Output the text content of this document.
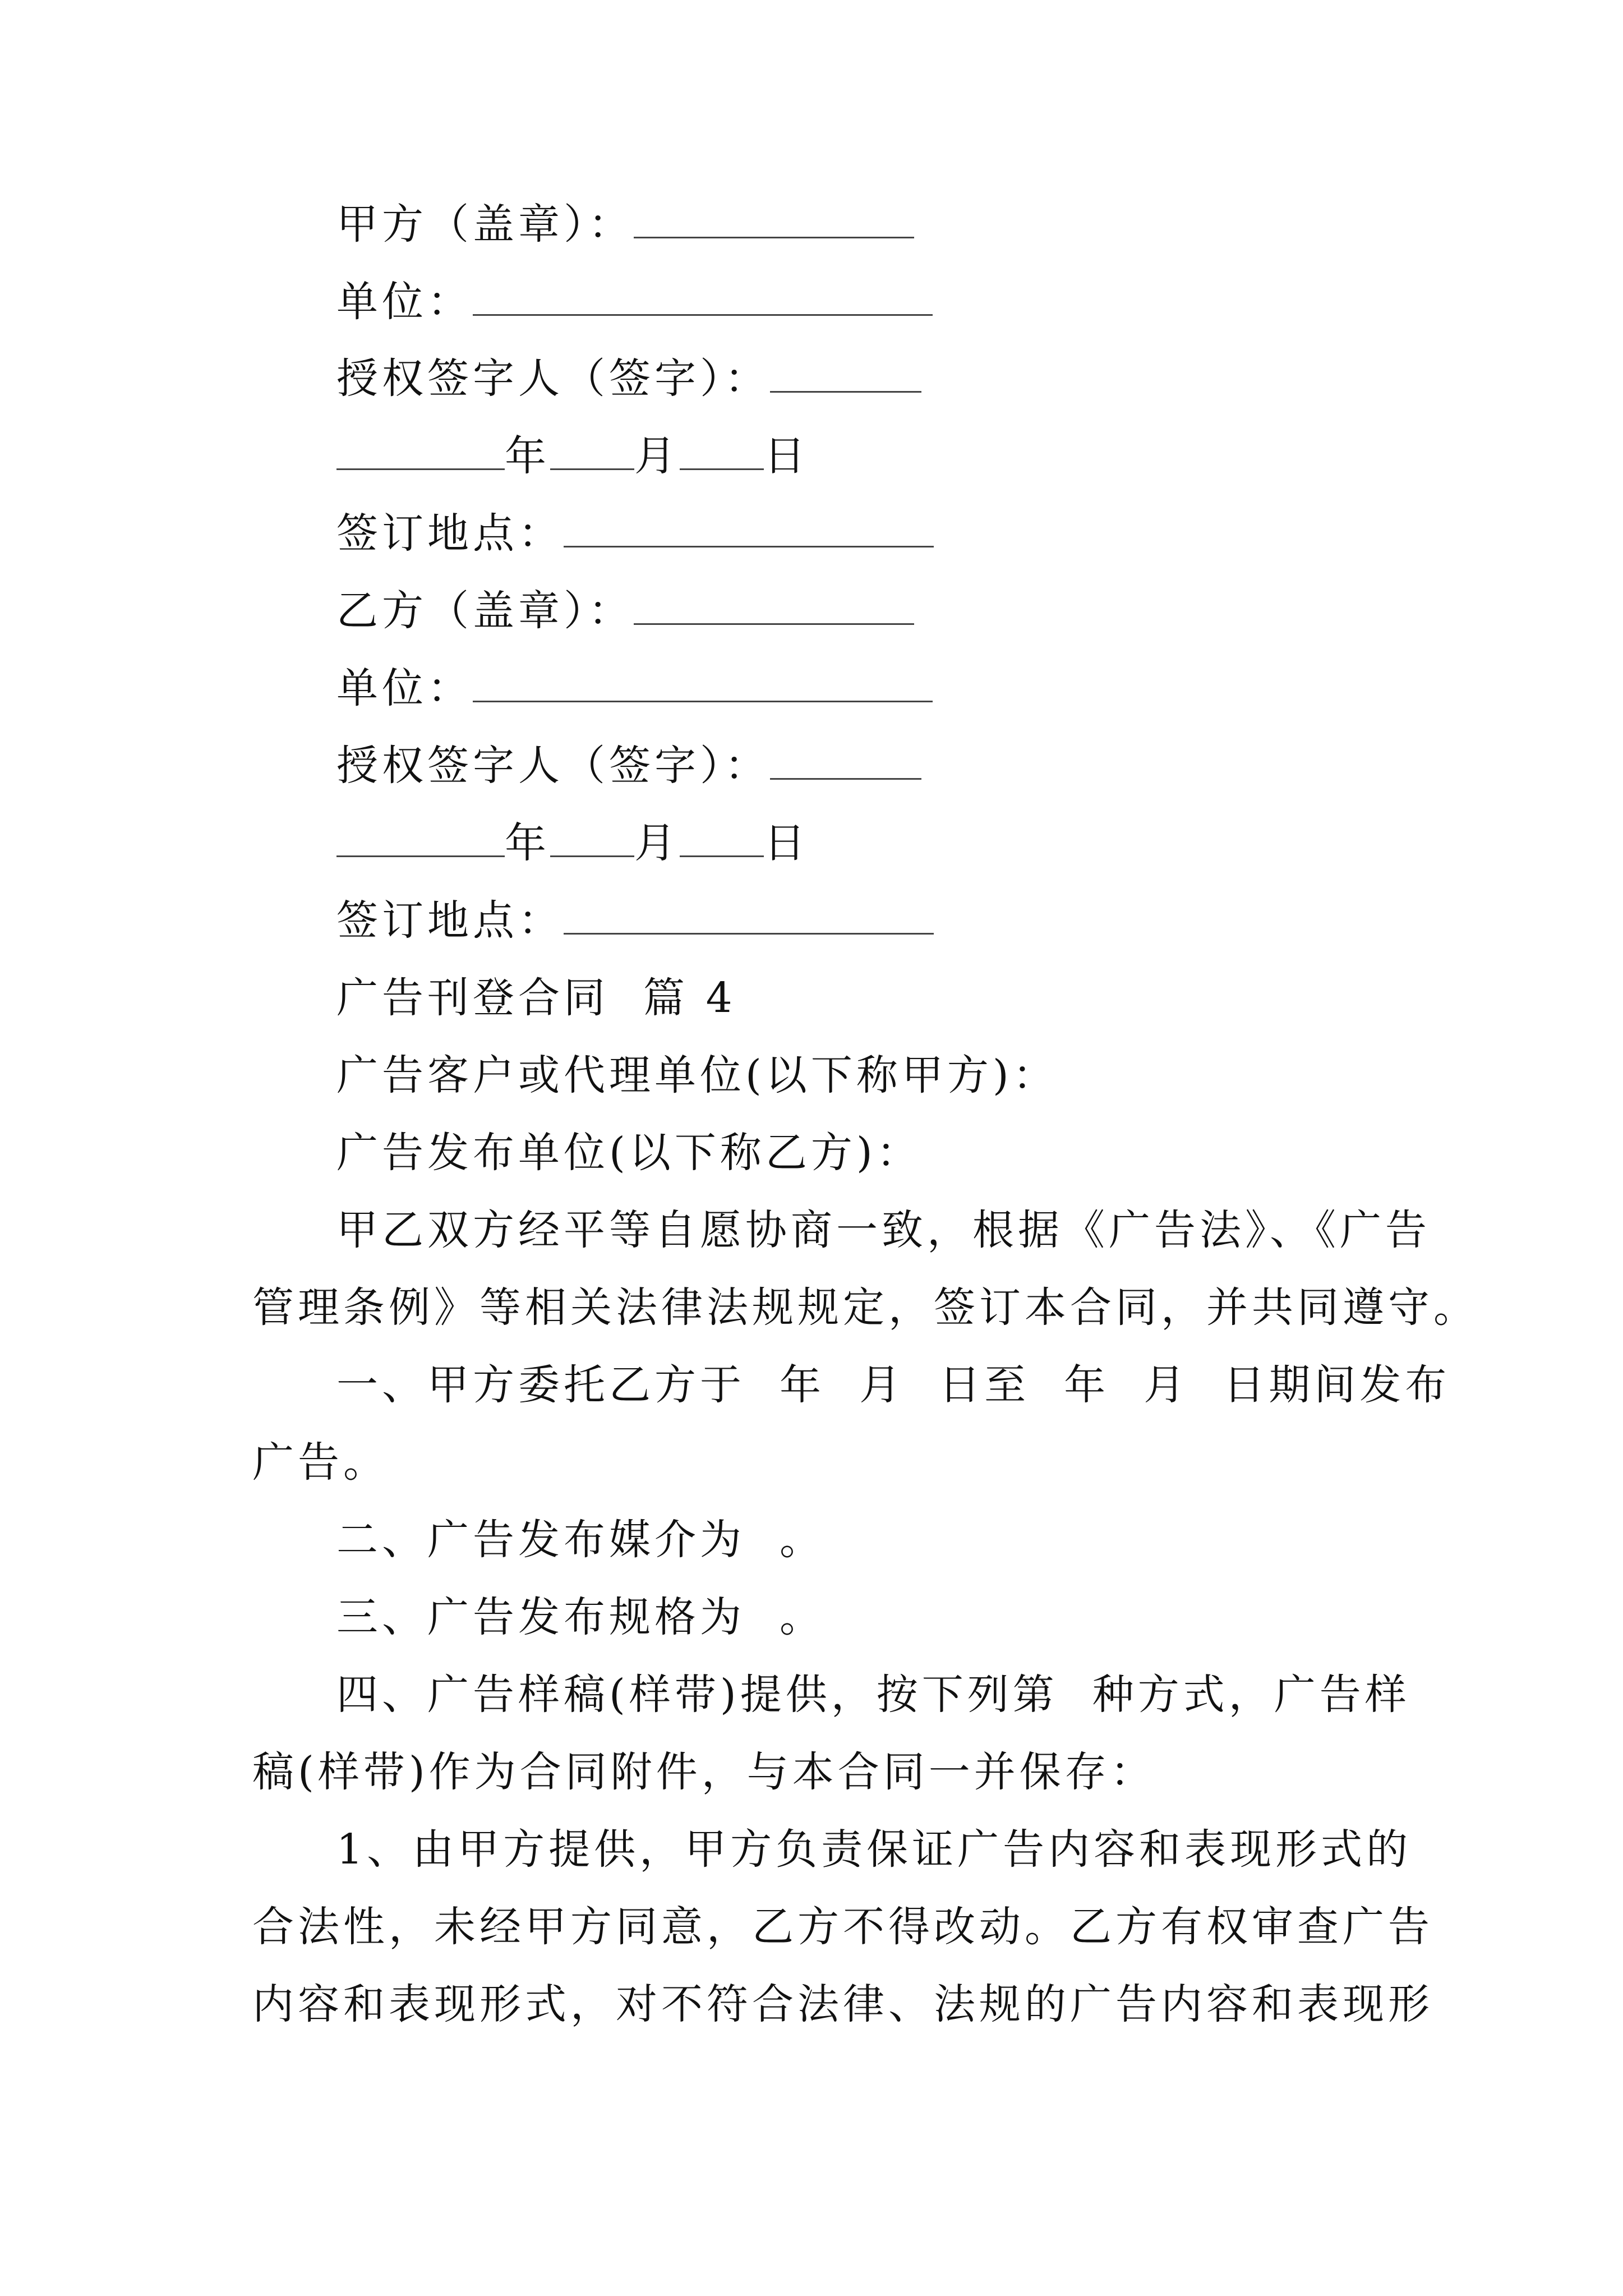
甲方（盖章）：
单位：
授权签字人（签字）：
年 月 日
签订地点：
乙方（盖章）：
单位：
授权签字人（签字）：
年 月 日
签订地点：
广告刊登合同  篇 4
广告客户或代理单位(以下称甲方)：
广告发布单位(以下称乙方)：
甲乙双方经平等自愿协商一致，根据《广告法》、《广告
管理条例》等相关法律法规规定，签订本合同，并共同遵守。
一、甲方委托乙方于  年  月  日至  年  月  日期间发布
广告。
二、广告发布媒介为  。
三、广告发布规格为  。
四、广告样稿(样带)提供，按下列第  种方式，广告样
稿(样带)作为合同附件，与本合同一并保存：
1、由甲方提供，甲方负责保证广告内容和表现形式的
合法性，未经甲方同意，乙方不得改动。乙方有权审查广告
内容和表现形式，对不符合法律、法规的广告内容和表现形
